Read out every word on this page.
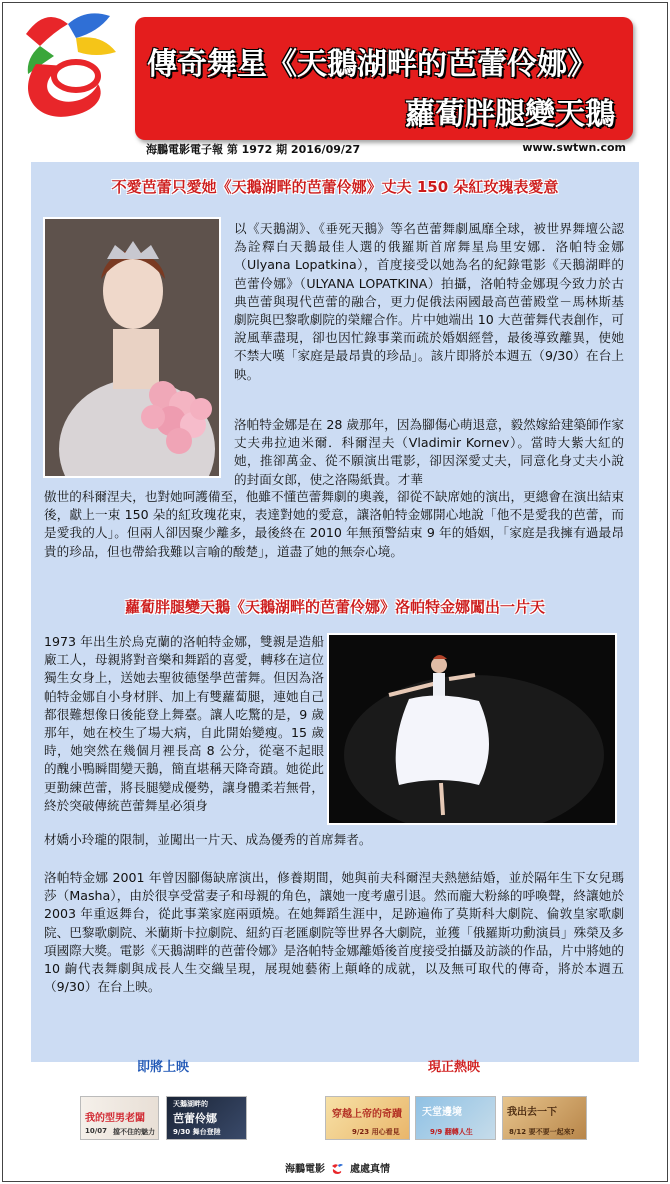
傳奇舞星《天鵝湖畔的芭蕾伶娜》
蘿蔔胖腿變天鵝
海鵬電影電子報 第 1972 期 2016/09/27	www.swtwn.com
不愛芭蕾只愛她《天鵝湖畔的芭蕾伶娜》丈夫 150 朵紅玫瑰表愛意
以《天鵝湖》、《垂死天鵝》等名芭蕾舞劇風靡全球，被世界舞壇公認為詮釋白天鵝最佳人選的俄羅斯首席舞星烏里安娜．洛帕特金娜（Ulyana Lopatkina），首度接受以她為名的紀錄電影《天鵝湖畔的芭蕾伶娜》（ULYANA LOPATKINA）拍攝，洛帕特金娜現今致力於古典芭蕾與現代芭蕾的融合，更力促俄法兩國最高芭蕾殿堂－馬林斯基劇院與巴黎歌劇院的榮耀合作。片中她端出 10 大芭蕾舞代表創作，可說風華盡現，卻也因忙錄事業而疏於婚姻經營，最後導致離異，使她不禁大嘆「家庭是最昂貴的珍品」。該片即將於本週五（9/30）在台上映。
洛帕特金娜是在 28 歲那年，因為腳傷心萌退意，毅然嫁給建築師作家丈夫弗拉迪米爾．科爾涅夫（Vladimir Kornev）。當時大紫大紅的她，推卻萬金、從不願演出電影，卻因深愛丈夫，同意化身丈夫小說的封面女郎，使之洛陽紙貴。才華
傲世的科爾涅夫，也對她呵護備至，他雖不懂芭蕾舞劇的奧義，卻從不缺席她的演出，更總會在演出結束後，獻上一束 150 朵的紅玫瑰花束，表達對她的愛意，讓洛帕特金娜開心地說「他不是愛我的芭蕾，而是愛我的人」。但兩人卻因聚少離多，最後終在 2010 年無預警結束 9 年的婚姻，「家庭是我擁有過最昂貴的珍品，但也帶給我難以言喻的酸楚」，道盡了她的無奈心境。
蘿蔔胖腿變天鵝《天鵝湖畔的芭蕾伶娜》洛帕特金娜闖出一片天
1973 年出生於烏克蘭的洛帕特金娜，雙親是造船廠工人，母親將對音樂和舞蹈的喜愛，轉移在這位獨生女身上，送她去聖彼德堡學芭蕾舞。但因為洛帕特金娜自小身材胖、加上有雙蘿蔔腿，連她自己都很難想像日後能登上舞臺。讓人吃驚的是，9 歲那年，她在校生了場大病，自此開始變瘦。15 歲時，她突然在幾個月裡長高 8 公分，從毫不起眼的醜小鴨瞬間變天鵝，簡直堪稱天降奇蹟。她從此更勤練芭蕾，將長腿變成優勢，讓身體柔若無骨，終於突破傳統芭蕾舞星必須身
材嬌小玲瓏的限制，並闖出一片天、成為優秀的首席舞者。
洛帕特金娜 2001 年曾因腳傷缺席演出，修養期間，她與前夫科爾涅夫熱戀結婚，並於隔年生下女兒瑪莎（Masha），由於很享受當妻子和母親的角色，讓她一度考慮引退。然而龐大粉絲的呼喚聲，終讓她於 2003 年重返舞台，從此事業家庭兩頭燒。在她舞蹈生涯中，足跡遍佈了莫斯科大劇院、倫敦皇家歌劇院、巴黎歌劇院、米蘭斯卡拉劇院、紐約百老匯劇院等世界各大劇院，並獲「俄羅斯功勳演員」殊榮及多項國際大獎。電影《天鵝湖畔的芭蕾伶娜》是洛帕特金娜離婚後首度接受拍攝及訪談的作品，片中將她的 10 齣代表舞劇與成長人生交織呈現，展現她藝術上顛峰的成就，以及無可取代的傳奇，將於本週五（9/30）在台上映。
即將上映	現正熱映
我的型男老闆
10/07 擋不住的魅力
天鵝湖畔的
芭蕾伶娜
9/30 舞台登陸
穿越上帝的奇蹟
9/23 用心看見
天堂邊境
9/9 翻轉人生
我出去一下
8/12 要不要一起來?
海鵬電影 處處真情
